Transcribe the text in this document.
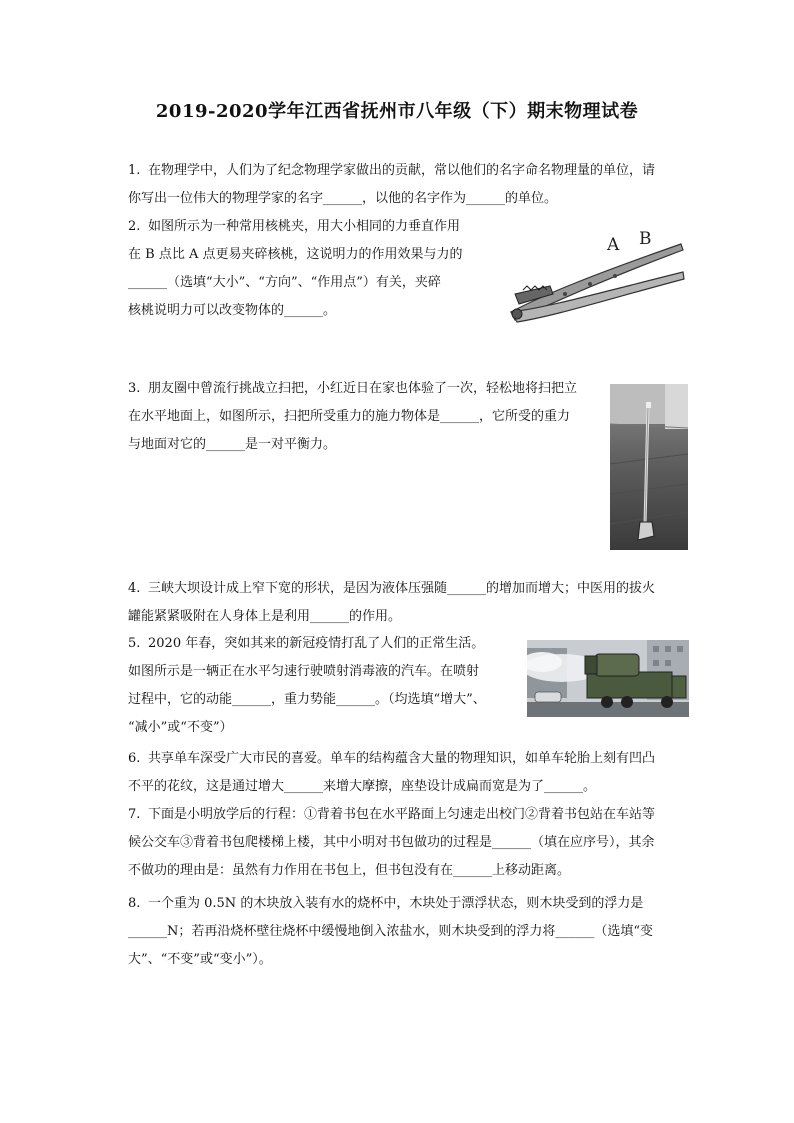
2019-2020学年江西省抚州市八年级（下）期末物理试卷
1. 在物理学中，人们为了纪念物理学家做出的贡献，常以他们的名字命名物理量的单位，请
你写出一位伟大的物理学家的名字______，以他的名字作为______的单位。
2. 如图所示为一种常用核桃夹，用大小相同的力垂直作用
在 B 点比 A 点更易夹碎核桃，这说明力的作用效果与力的
______（选填“大小”、“方向”、“作用点”）有关，夹碎
核桃说明力可以改变物体的______。
A B
3. 朋友圈中曾流行挑战立扫把，小红近日在家也体验了一次，轻松地将扫把立
在水平地面上，如图所示，扫把所受重力的施力物体是______，它所受的重力
与地面对它的______是一对平衡力。
4. 三峡大坝设计成上窄下宽的形状，是因为液体压强随______的增加而增大；中医用的拔火
罐能紧紧吸附在人身体上是利用______的作用。
5. 2020 年春，突如其来的新冠疫情打乱了人们的正常生活。
如图所示是一辆正在水平匀速行驶喷射消毒液的汽车。在喷射
过程中，它的动能______，重力势能______。（均选填“增大”、
“减小”或“不变”）
6. 共享单车深受广大市民的喜爱。单车的结构蕴含大量的物理知识，如单车轮胎上刻有凹凸
不平的花纹，这是通过增大______来增大摩擦，座垫设计成扁而宽是为了______。
7. 下面是小明放学后的行程：①背着书包在水平路面上匀速走出校门②背着书包站在车站等
候公交车③背着书包爬楼梯上楼，其中小明对书包做功的过程是______（填在应序号），其余
不做功的理由是：虽然有力作用在书包上，但书包没有在______上移动距离。
8. 一个重为 0.5N 的木块放入装有水的烧杯中，木块处于漂浮状态，则木块受到的浮力是
______N；若再沿烧杯壁往烧杯中缓慢地倒入浓盐水，则木块受到的浮力将______（选填“变
大”、“不变”或“变小”）。
